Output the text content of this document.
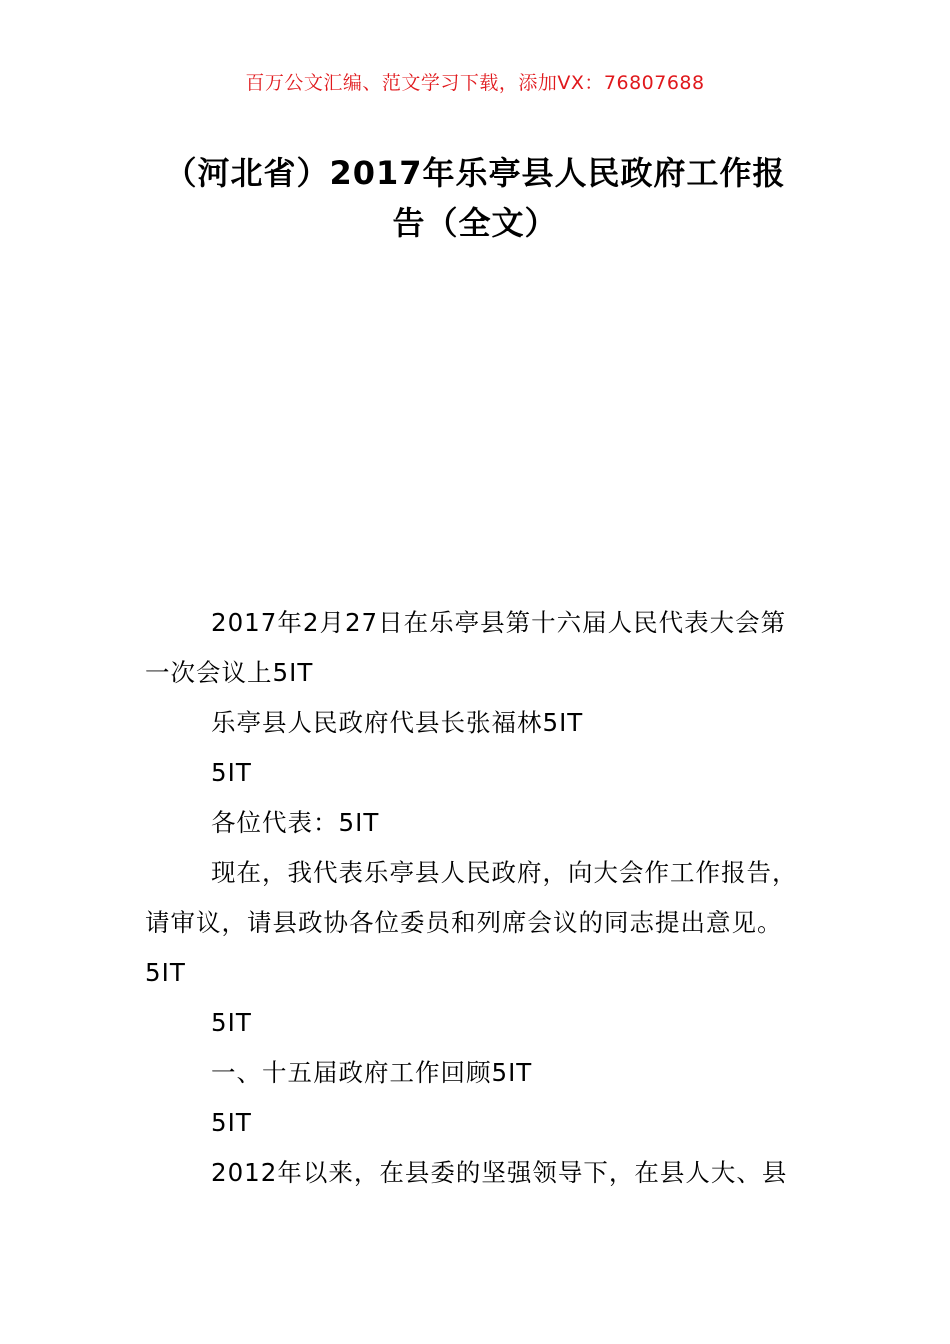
百万公文汇编、范文学习下载，添加VX：76807688
（河北省）2017年乐亭县人民政府工作报
告（全文）

2017年2月27日在乐亭县第十六届人民代表大会第一次会议上5IT

乐亭县人民政府代县长张福林5IT

5IT

各位代表：5IT

现在，我代表乐亭县人民政府，向大会作工作报告，请审议，请县政协各位委员和列席会议的同志提出意见。5IT

5IT

一、十五届政府工作回顾5IT

5IT

2012年以来，在县委的坚强领导下，在县人大、县
